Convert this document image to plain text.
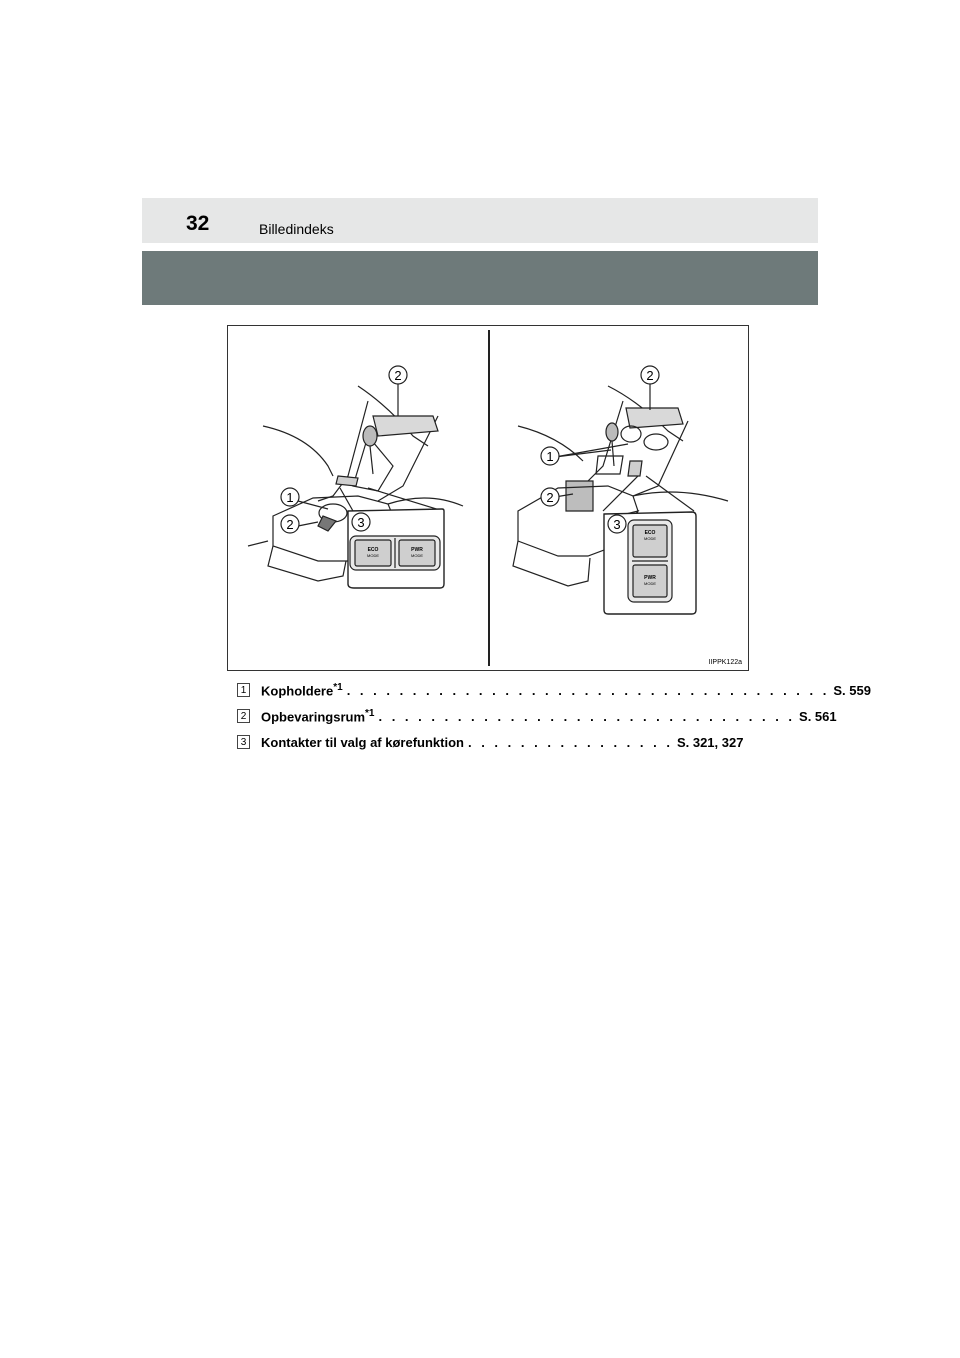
32	Billedindeks
ECO
MODE
PWR
MODE
2
1
2	3
ECO
MODE
PWR
MODE
2
1
2
3
IIPPK122a
1 Kopholdere$^{*1}$ . . . . . . . . . . . . . . . . . . . . . . . . . . . . . . . . . . . . . S. 559
2 Opbevaringsrum$^{*1}$ . . . . . . . . . . . . . . . . . . . . . . . . . . . . . . . . S. 561
3 Kontakter til valg af kørefunktion . . . . . . . . . . . . . . . . S. 321, 327
